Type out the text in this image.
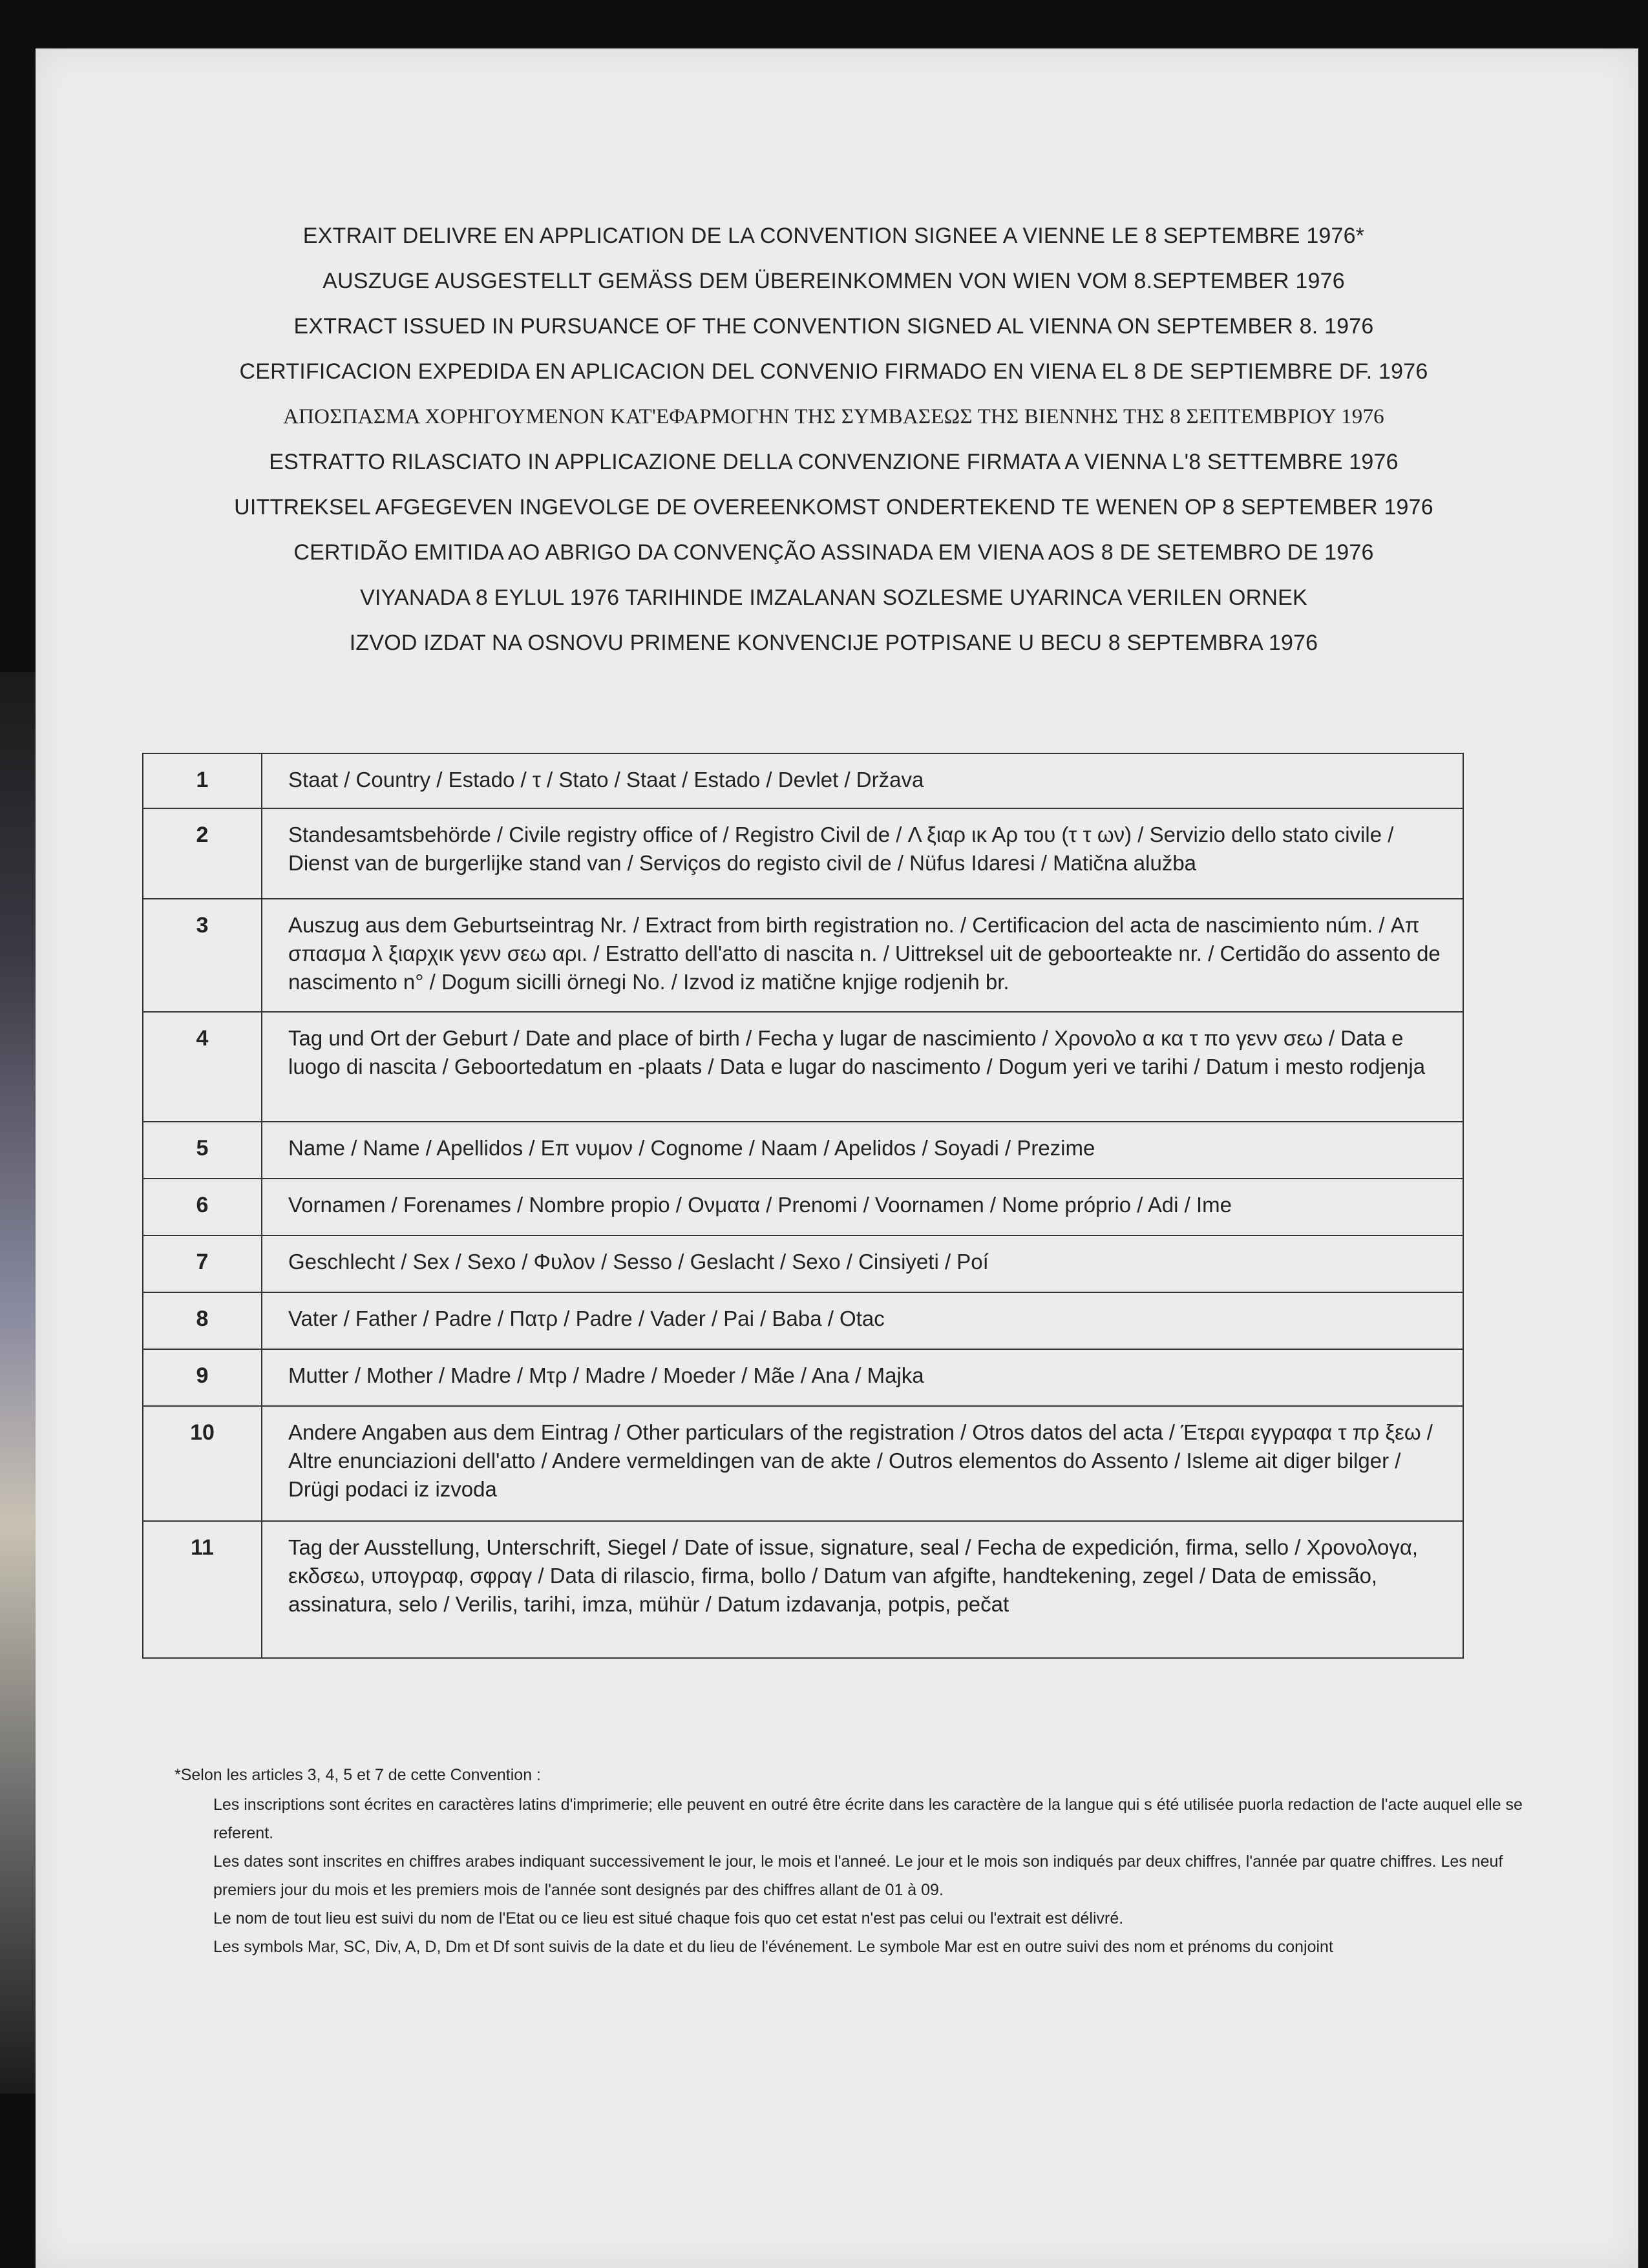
EXTRAIT DELIVRE EN APPLICATION DE LA CONVENTION SIGNEE A VIENNE LE 8 SEPTEMBRE 1976*
AUSZUGE AUSGESTELLT GEMÄSS DEM ÜBEREINKOMMEN VON WIEN VOM 8.SEPTEMBER 1976
EXTRACT ISSUED IN PURSUANCE OF THE CONVENTION SIGNED AL VIENNA ON SEPTEMBER 8. 1976
CERTIFICACION EXPEDIDA EN APLICACION DEL CONVENIO FIRMADO EN VIENA EL 8 DE SEPTIEMBRE DF. 1976
ΑΠΟΣΠΑΣΜΑ ΧΟΡΗΓΟΥΜΕΝΟΝ ΚΑΤ'ΕΦΑΡΜΟΓΗΝ ΤΗΣ ΣΥΜΒΑΣΕΩΣ ΤΗΣ ΒΙΕΝΝΗΣ ΤΗΣ 8 ΣΕΠΤΕΜΒΡΙΟΥ 1976
ESTRATTO RILASCIATO IN APPLICAZIONE DELLA CONVENZIONE FIRMATA A VIENNA L'8 SETTEMBRE 1976
UITTREKSEL AFGEGEVEN INGEVOLGE DE OVEREENKOMST ONDERTEKEND TE WENEN OP 8 SEPTEMBER 1976
CERTIDÃO EMITIDA AO ABRIGO DA CONVENÇÃO ASSINADA EM VIENA AOS 8 DE SETEMBRO DE 1976
VIYANADA 8 EYLUL 1976 TARIHINDE IMZALANAN SOZLESME UYARINCA VERILEN ORNEK
IZVOD IZDAT NA OSNOVU PRIMENE KONVENCIJE POTPISANE U BECU 8 SEPTEMBRA 1976
1	Staat / Country / Estado / τ / Stato / Staat / Estado / Devlet / Država
2	Standesamtsbehörde / Civile registry office of / Registro Civil de / Λ ξιαρ ικ Αρ του (τ τ ων) / Servizio dello stato civile / Dienst van de burgerlijke stand van / Serviços do registo civil de / Nüfus Idaresi / Matična alužba
3	Auszug aus dem Geburtseintrag Nr. / Extract from birth registration no. / Certificacion del acta de nascimiento núm. / Απ σπασμα λ ξιαρχικ γενν σεω αρι. / Estratto dell'atto di nascita n. / Uittreksel uit de geboorteakte nr. / Certidão do assento de nascimento n° / Dogum sicilli örnegi No. / Izvod iz matične knjige rodjenih br.
4	Tag und Ort der Geburt / Date and place of birth / Fecha y lugar de nascimiento / Χρονολο α κα τ πο γενν σεω / Data e luogo di nascita / Geboortedatum en -plaats / Data e lugar do nascimento / Dogum yeri ve tarihi / Datum i mesto rodjenja
5	Name / Name / Apellidos / Επ νυμον / Cognome / Naam / Apelidos / Soyadi / Prezime
6	Vornamen / Forenames / Nombre propio / Ονματα / Prenomi / Voornamen / Nome próprio / Adi / Ime
7	Geschlecht / Sex / Sexo / Φυλον / Sesso / Geslacht / Sexo / Cinsiyeti / Poí
8	Vater / Father / Padre / Πατρ / Padre / Vader / Pai / Baba / Otac
9	Mutter / Mother / Madre / Μτρ / Madre / Moeder / Mãe / Ana / Majka
10	Andere Angaben aus dem Eintrag / Other particulars of the registration / Otros datos del acta / Έτεραι εγγραφα τ πρ ξεω / Altre enunciazioni dell'atto / Andere vermeldingen van de akte / Outros elementos do Assento / Isleme ait diger bilger / Drügi podaci iz izvoda
11	Tag der Ausstellung, Unterschrift, Siegel / Date of issue, signature, seal / Fecha de expedición, firma, sello / Χρονολογα, εκδσεω, υπογραφ, σφραγ / Data di rilascio, firma, bollo / Datum van afgifte, handtekening, zegel / Data de emissão, assinatura, selo / Verilis, tarihi, imza, mühür / Datum izdavanja, potpis, pečat
*Selon les articles 3, 4, 5 et 7 de cette Convention :
Les inscriptions sont écrites en caractères latins d'imprimerie; elle peuvent en outré être écrite dans les caractère de la langue qui s été utilisée puorla redaction de l'acte auquel elle se referent.
Les dates sont inscrites en chiffres arabes indiquant successivement le jour, le mois et l'anneé. Le jour et le mois son indiqués par deux chiffres, l'année par quatre chiffres. Les neuf premiers jour du mois et les premiers mois de l'année sont designés par des chiffres allant de 01 à 09.
Le nom de tout lieu est suivi du nom de l'Etat ou ce lieu est situé chaque fois quo cet estat n'est pas celui ou l'extrait est délivré.
Les symbols Mar, SC, Div, A, D, Dm et Df sont suivis de la date et du lieu de l'événement. Le symbole Mar est en outre suivi des nom et prénoms du conjoint
